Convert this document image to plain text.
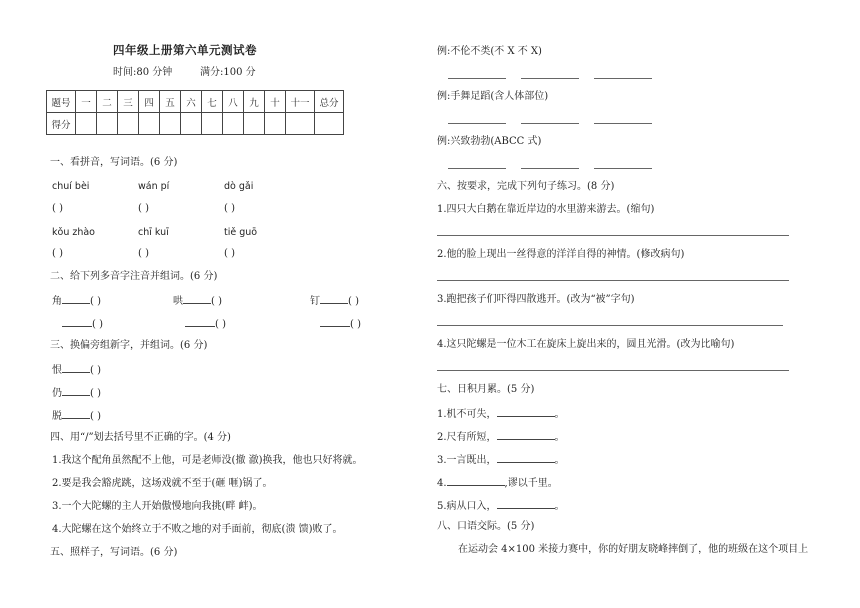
四年级上册第六单元测试卷
时间:80 分钟	满分:100 分
题号	一	二	三	四	五	六	七	八	九	十	十一	总分
得分												
一、看拼音，写词语。(6 分)
chuí bèi	wán pí	dò gǎi
( )	( )	( )
kǒu zhào	chī kuī	tiě guō
( )	( )	( )
二、给下列多音字注音并组词。(6 分)
角	( )	哄	( )	钉	( )
( )	( )	( )
三、换偏旁组新字，并组词。(6 分)
恨	( )
仍	( )
脱	( )
四、用“/”划去括号里不正确的字。(4 分)
1.我这个配角虽然配不上他，可是老师没(撤 澈)换我，他也只好将就。
2.要是我会豁虎跳，这场戏就不至于(砸 咂)锅了。
3.一个大陀螺的主人开始傲慢地向我挑(畔 衅)。
4.大陀螺在这个始终立于不败之地的对手面前，彻底(溃 馈)败了。
五、照样子，写词语。(6 分)
例:不伦不类(不 X 不 X)
例:手舞足蹈(含人体部位)
例:兴致勃勃(ABCC 式)
六、按要求，完成下列句子练习。(8 分)
1.四只大白鹅在靠近岸边的水里游来游去。(缩句)
2.他的脸上现出一丝得意的洋洋自得的神情。(修改病句)
3.跑把孩子们吓得四散逃开。(改为“被”字句)
4.这只陀螺是一位木工在旋床上旋出来的，圆且光滑。(改为比喻句)
七、日积月累。(5 分)
1.机不可失，	。
2.尺有所短，	。
3.一言既出，	。
4.	,谬以千里。
5.病从口入，	。
八、口语交际。(5 分)
在运动会 4×100 米接力赛中，你的好朋友晓峰摔倒了，他的班级在这个项目上
